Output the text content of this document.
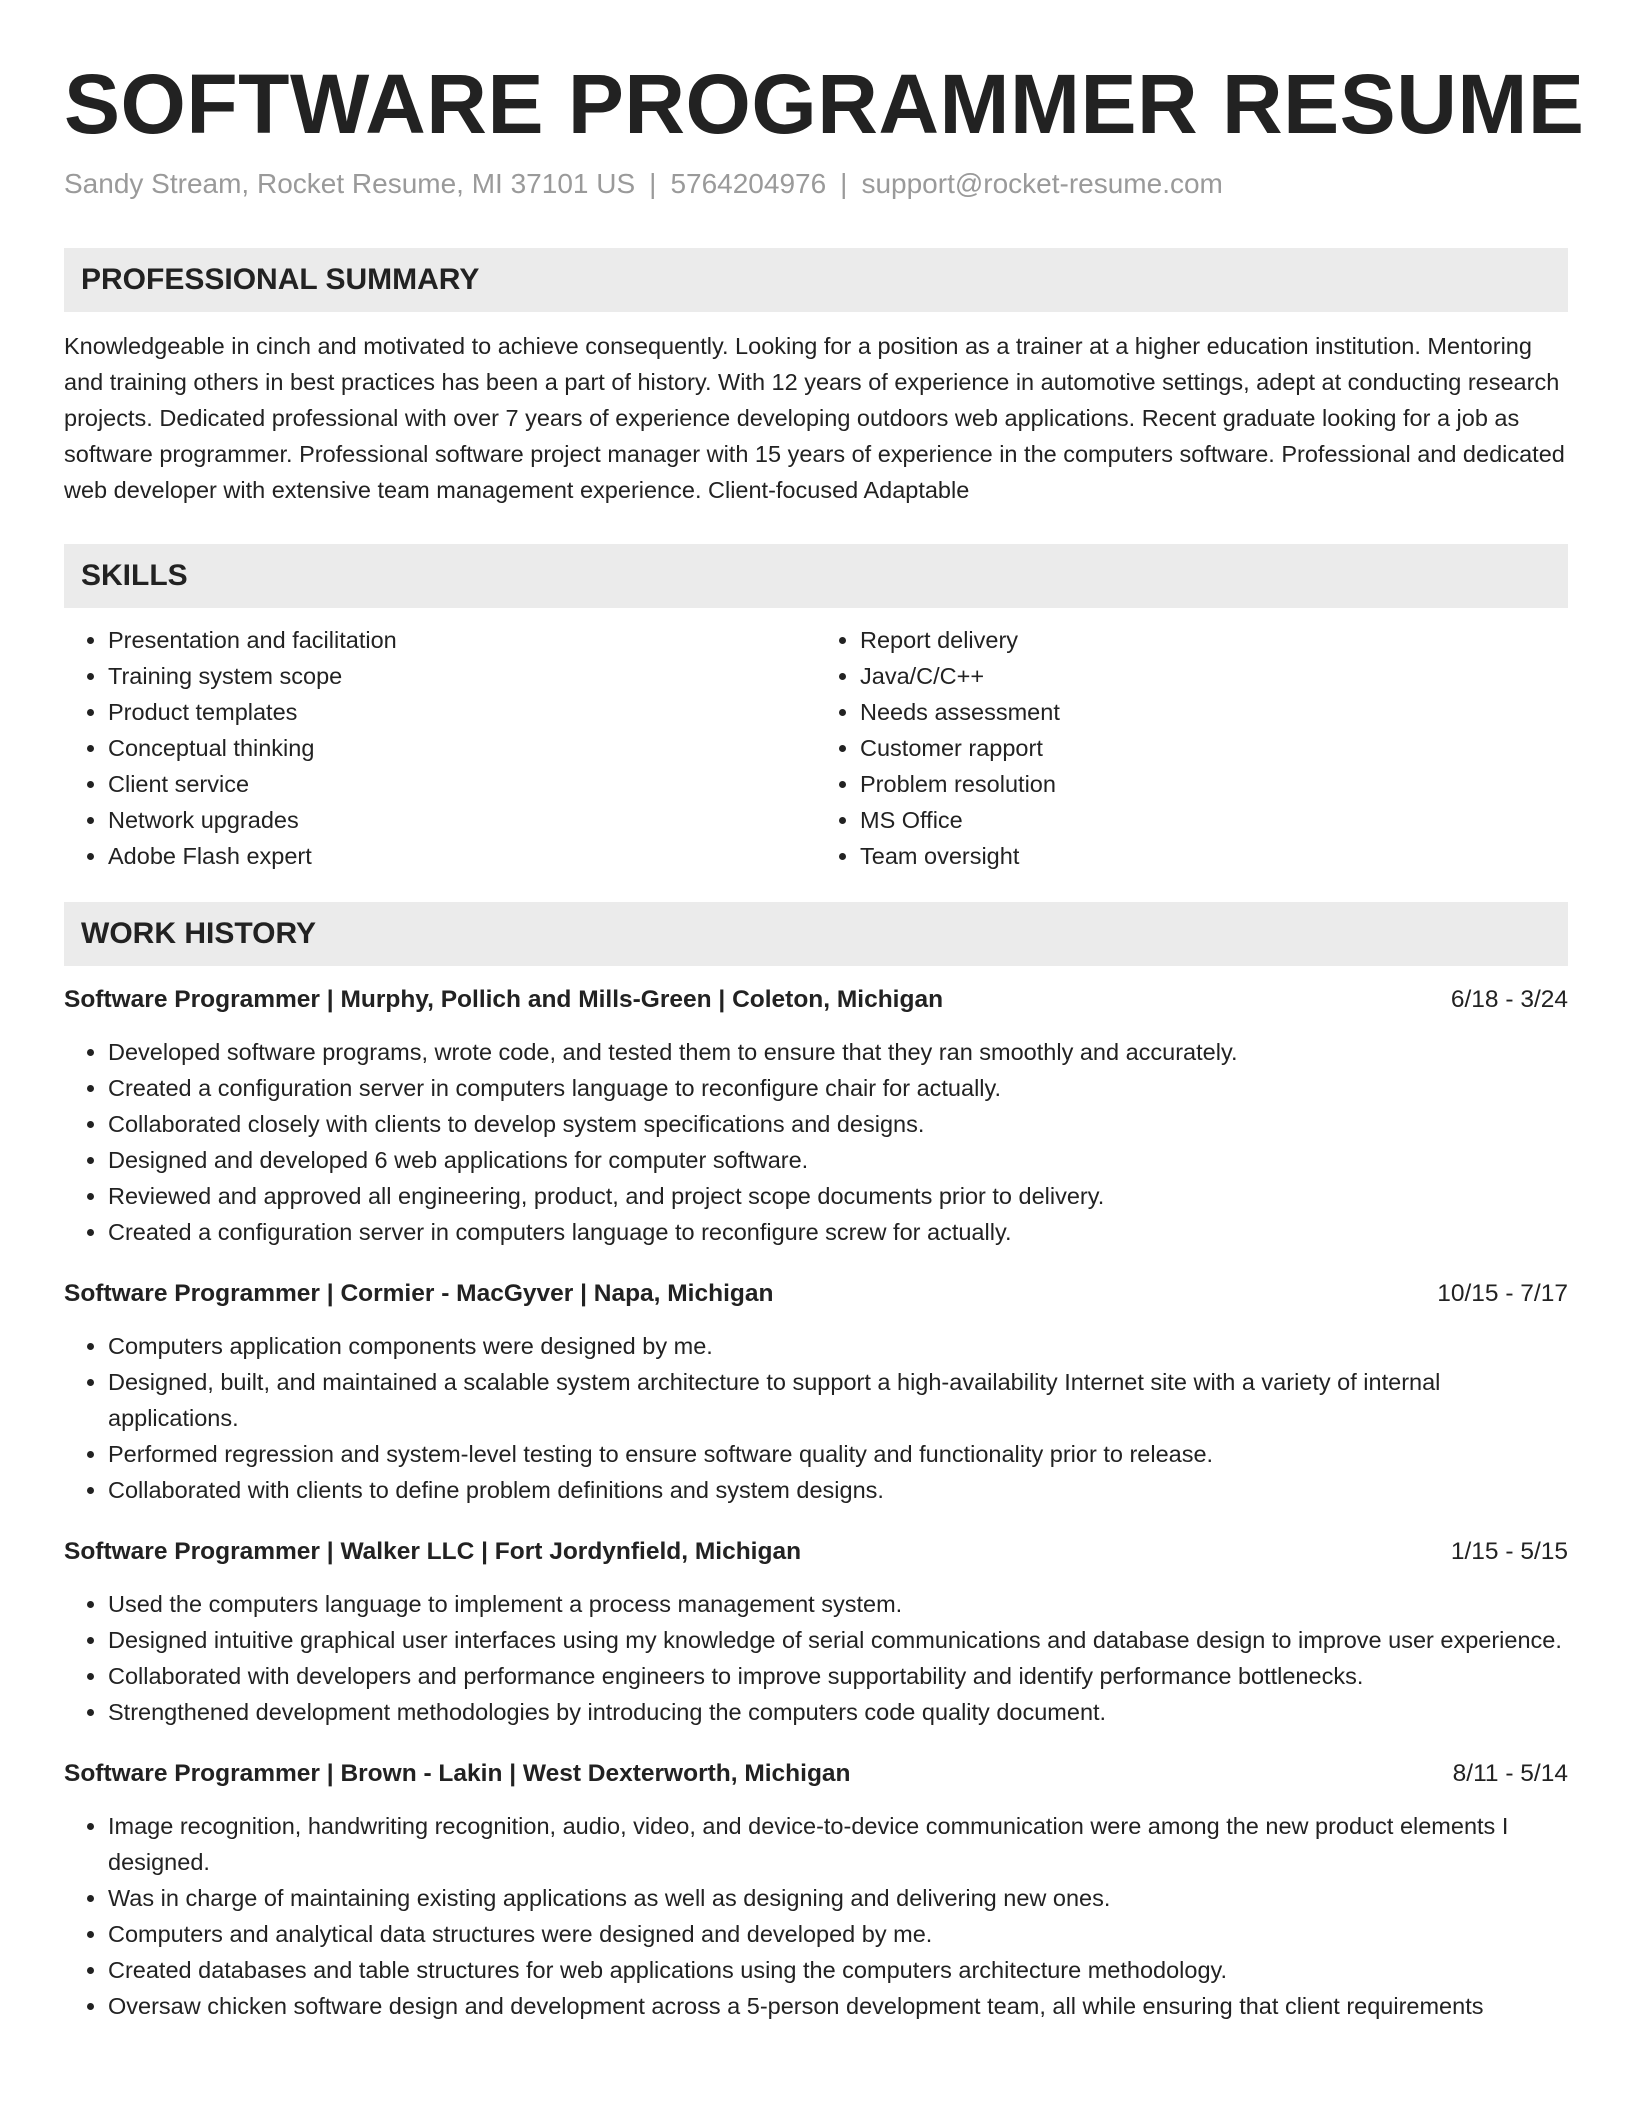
SOFTWARE PROGRAMMER RESUME
Sandy Stream, Rocket Resume, MI 37101 US | 5764204976 | support@rocket-resume.com
PROFESSIONAL SUMMARY

Knowledgeable in cinch and motivated to achieve consequently. Looking for a position as a trainer at a higher education institution. Mentoring and training others in best practices has been a part of history. With 12 years of experience in automotive settings, adept at conducting research projects. Dedicated professional with over 7 years of experience developing outdoors web applications. Recent graduate looking for a job as software programmer. Professional software project manager with 15 years of experience in the computers software. Professional and dedicated web developer with extensive team management experience. Client-focused Adaptable

SKILLS
• Presentation and facilitation
• Training system scope
• Product templates
• Conceptual thinking
• Client service
• Network upgrades
• Adobe Flash expert
• Report delivery
• Java/C/C++
• Needs assessment
• Customer rapport
• Problem resolution
• MS Office
• Team oversight
WORK HISTORY
Software Programmer | Murphy, Pollich and Mills-Green | Coleton, Michigan	6/18 - 3/24
• Developed software programs, wrote code, and tested them to ensure that they ran smoothly and accurately.
• Created a configuration server in computers language to reconfigure chair for actually.
• Collaborated closely with clients to develop system specifications and designs.
• Designed and developed 6 web applications for computer software.
• Reviewed and approved all engineering, product, and project scope documents prior to delivery.
• Created a configuration server in computers language to reconfigure screw for actually.
Software Programmer | Cormier - MacGyver | Napa, Michigan	10/15 - 7/17
• Computers application components were designed by me.
• Designed, built, and maintained a scalable system architecture to support a high-availability Internet site with a variety of internal applications.
• Performed regression and system-level testing to ensure software quality and functionality prior to release.
• Collaborated with clients to define problem definitions and system designs.
Software Programmer | Walker LLC | Fort Jordynfield, Michigan	1/15 - 5/15
• Used the computers language to implement a process management system.
• Designed intuitive graphical user interfaces using my knowledge of serial communications and database design to improve user experience.
• Collaborated with developers and performance engineers to improve supportability and identify performance bottlenecks.
• Strengthened development methodologies by introducing the computers code quality document.
Software Programmer | Brown - Lakin | West Dexterworth, Michigan	8/11 - 5/14
• Image recognition, handwriting recognition, audio, video, and device-to-device communication were among the new product elements I designed.
• Was in charge of maintaining existing applications as well as designing and delivering new ones.
• Computers and analytical data structures were designed and developed by me.
• Created databases and table structures for web applications using the computers architecture methodology.
• Oversaw chicken software design and development across a 5-person development team, all while ensuring that client requirements
